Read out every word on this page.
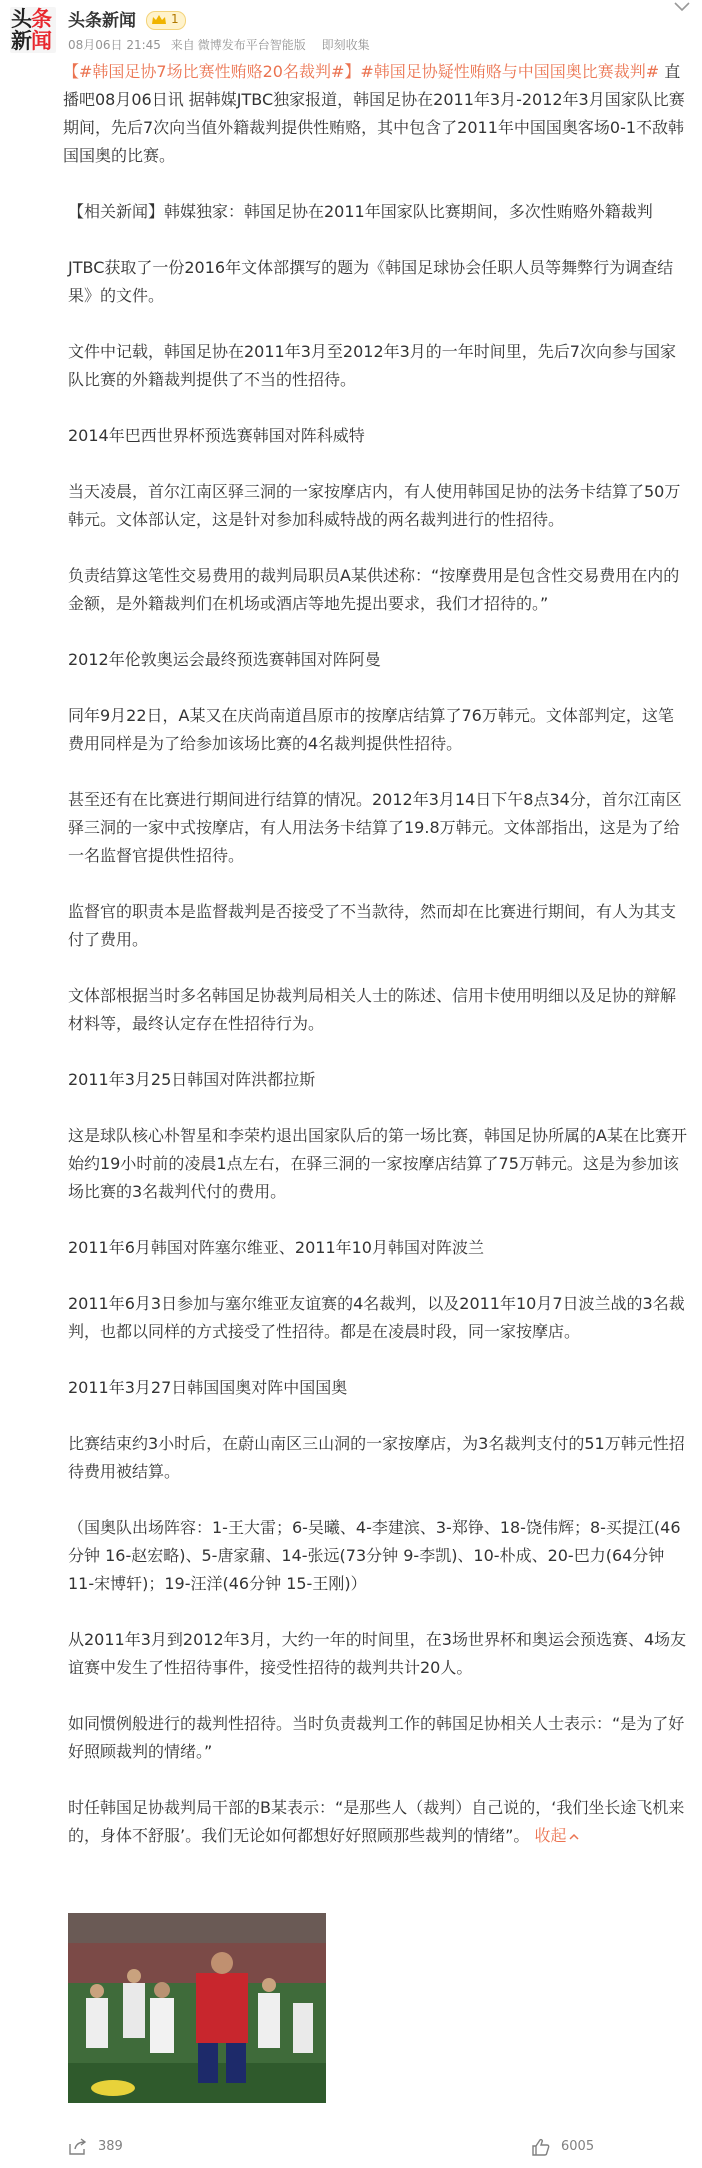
头条
新闻
头条新闻	1
08月06日 21:45 来自 微博发布平台智能版 即刻收集

【#韩国足协7场比赛性贿赂20名裁判#】#韩国足协疑性贿赂与中国国奥比赛裁判# 直播吧08月06日讯 据韩媒JTBC独家报道，韩国足协在2011年3月-2012年3月国家队比赛期间，先后7次向当值外籍裁判提供性贿赂，其中包含了2011年中国国奥客场0-1不敌韩国国奥的比赛。

【相关新闻】韩媒独家：韩国足协在2011年国家队比赛期间，多次性贿赂外籍裁判

JTBC获取了一份2016年文体部撰写的题为《韩国足球协会任职人员等舞弊行为调查结果》的文件。

文件中记载，韩国足协在2011年3月至2012年3月的一年时间里，先后7次向参与国家队比赛的外籍裁判提供了不当的性招待。

2014年巴西世界杯预选赛韩国对阵科威特

当天凌晨，首尔江南区驿三洞的一家按摩店内，有人使用韩国足协的法务卡结算了50万韩元。文体部认定，这是针对参加科威特战的两名裁判进行的性招待。

负责结算这笔性交易费用的裁判局职员A某供述称：“按摩费用是包含性交易费用在内的金额，是外籍裁判们在机场或酒店等地先提出要求，我们才招待的。”

2012年伦敦奥运会最终预选赛韩国对阵阿曼

同年9月22日，A某又在庆尚南道昌原市的按摩店结算了76万韩元。文体部判定，这笔费用同样是为了给参加该场比赛的4名裁判提供性招待。

甚至还有在比赛进行期间进行结算的情况。2012年3月14日下午8点34分，首尔江南区驿三洞的一家中式按摩店，有人用法务卡结算了19.8万韩元。文体部指出，这是为了给一名监督官提供性招待。

监督官的职责本是监督裁判是否接受了不当款待，然而却在比赛进行期间，有人为其支付了费用。

文体部根据当时多名韩国足协裁判局相关人士的陈述、信用卡使用明细以及足协的辩解材料等，最终认定存在性招待行为。

2011年3月25日韩国对阵洪都拉斯

这是球队核心朴智星和李荣杓退出国家队后的第一场比赛，韩国足协所属的A某在比赛开始约19小时前的凌晨1点左右，在驿三洞的一家按摩店结算了75万韩元。这是为参加该场比赛的3名裁判代付的费用。

2011年6月韩国对阵塞尔维亚、2011年10月韩国对阵波兰

2011年6月3日参加与塞尔维亚友谊赛的4名裁判，以及2011年10月7日波兰战的3名裁判，也都以同样的方式接受了性招待。都是在凌晨时段，同一家按摩店。

2011年3月27日韩国国奥对阵中国国奥

比赛结束约3小时后，在蔚山南区三山洞的一家按摩店，为3名裁判支付的51万韩元性招待费用被结算。

（国奥队出场阵容：1-王大雷；6-吴曦、4-李建滨、3-郑铮、18-饶伟辉；8-买提江(46分钟 16-赵宏略)、5-唐家鼐、14-张远(73分钟 9-李凯)、10-朴成、20-巴力(64分钟 11-宋博轩)；19-汪洋(46分钟 15-王刚)）

从2011年3月到2012年3月，大约一年的时间里，在3场世界杯和奥运会预选赛、4场友谊赛中发生了性招待事件，接受性招待的裁判共计20人。

如同惯例般进行的裁判性招待。当时负责裁判工作的韩国足协相关人士表示：“是为了好好照顾裁判的情绪。”

时任韩国足协裁判局干部的B某表示：“是那些人（裁判）自己说的，‘我们坐长途飞机来的，身体不舒服’。我们无论如何都想好好照顾那些裁判的情绪”。 收起

389	6005
